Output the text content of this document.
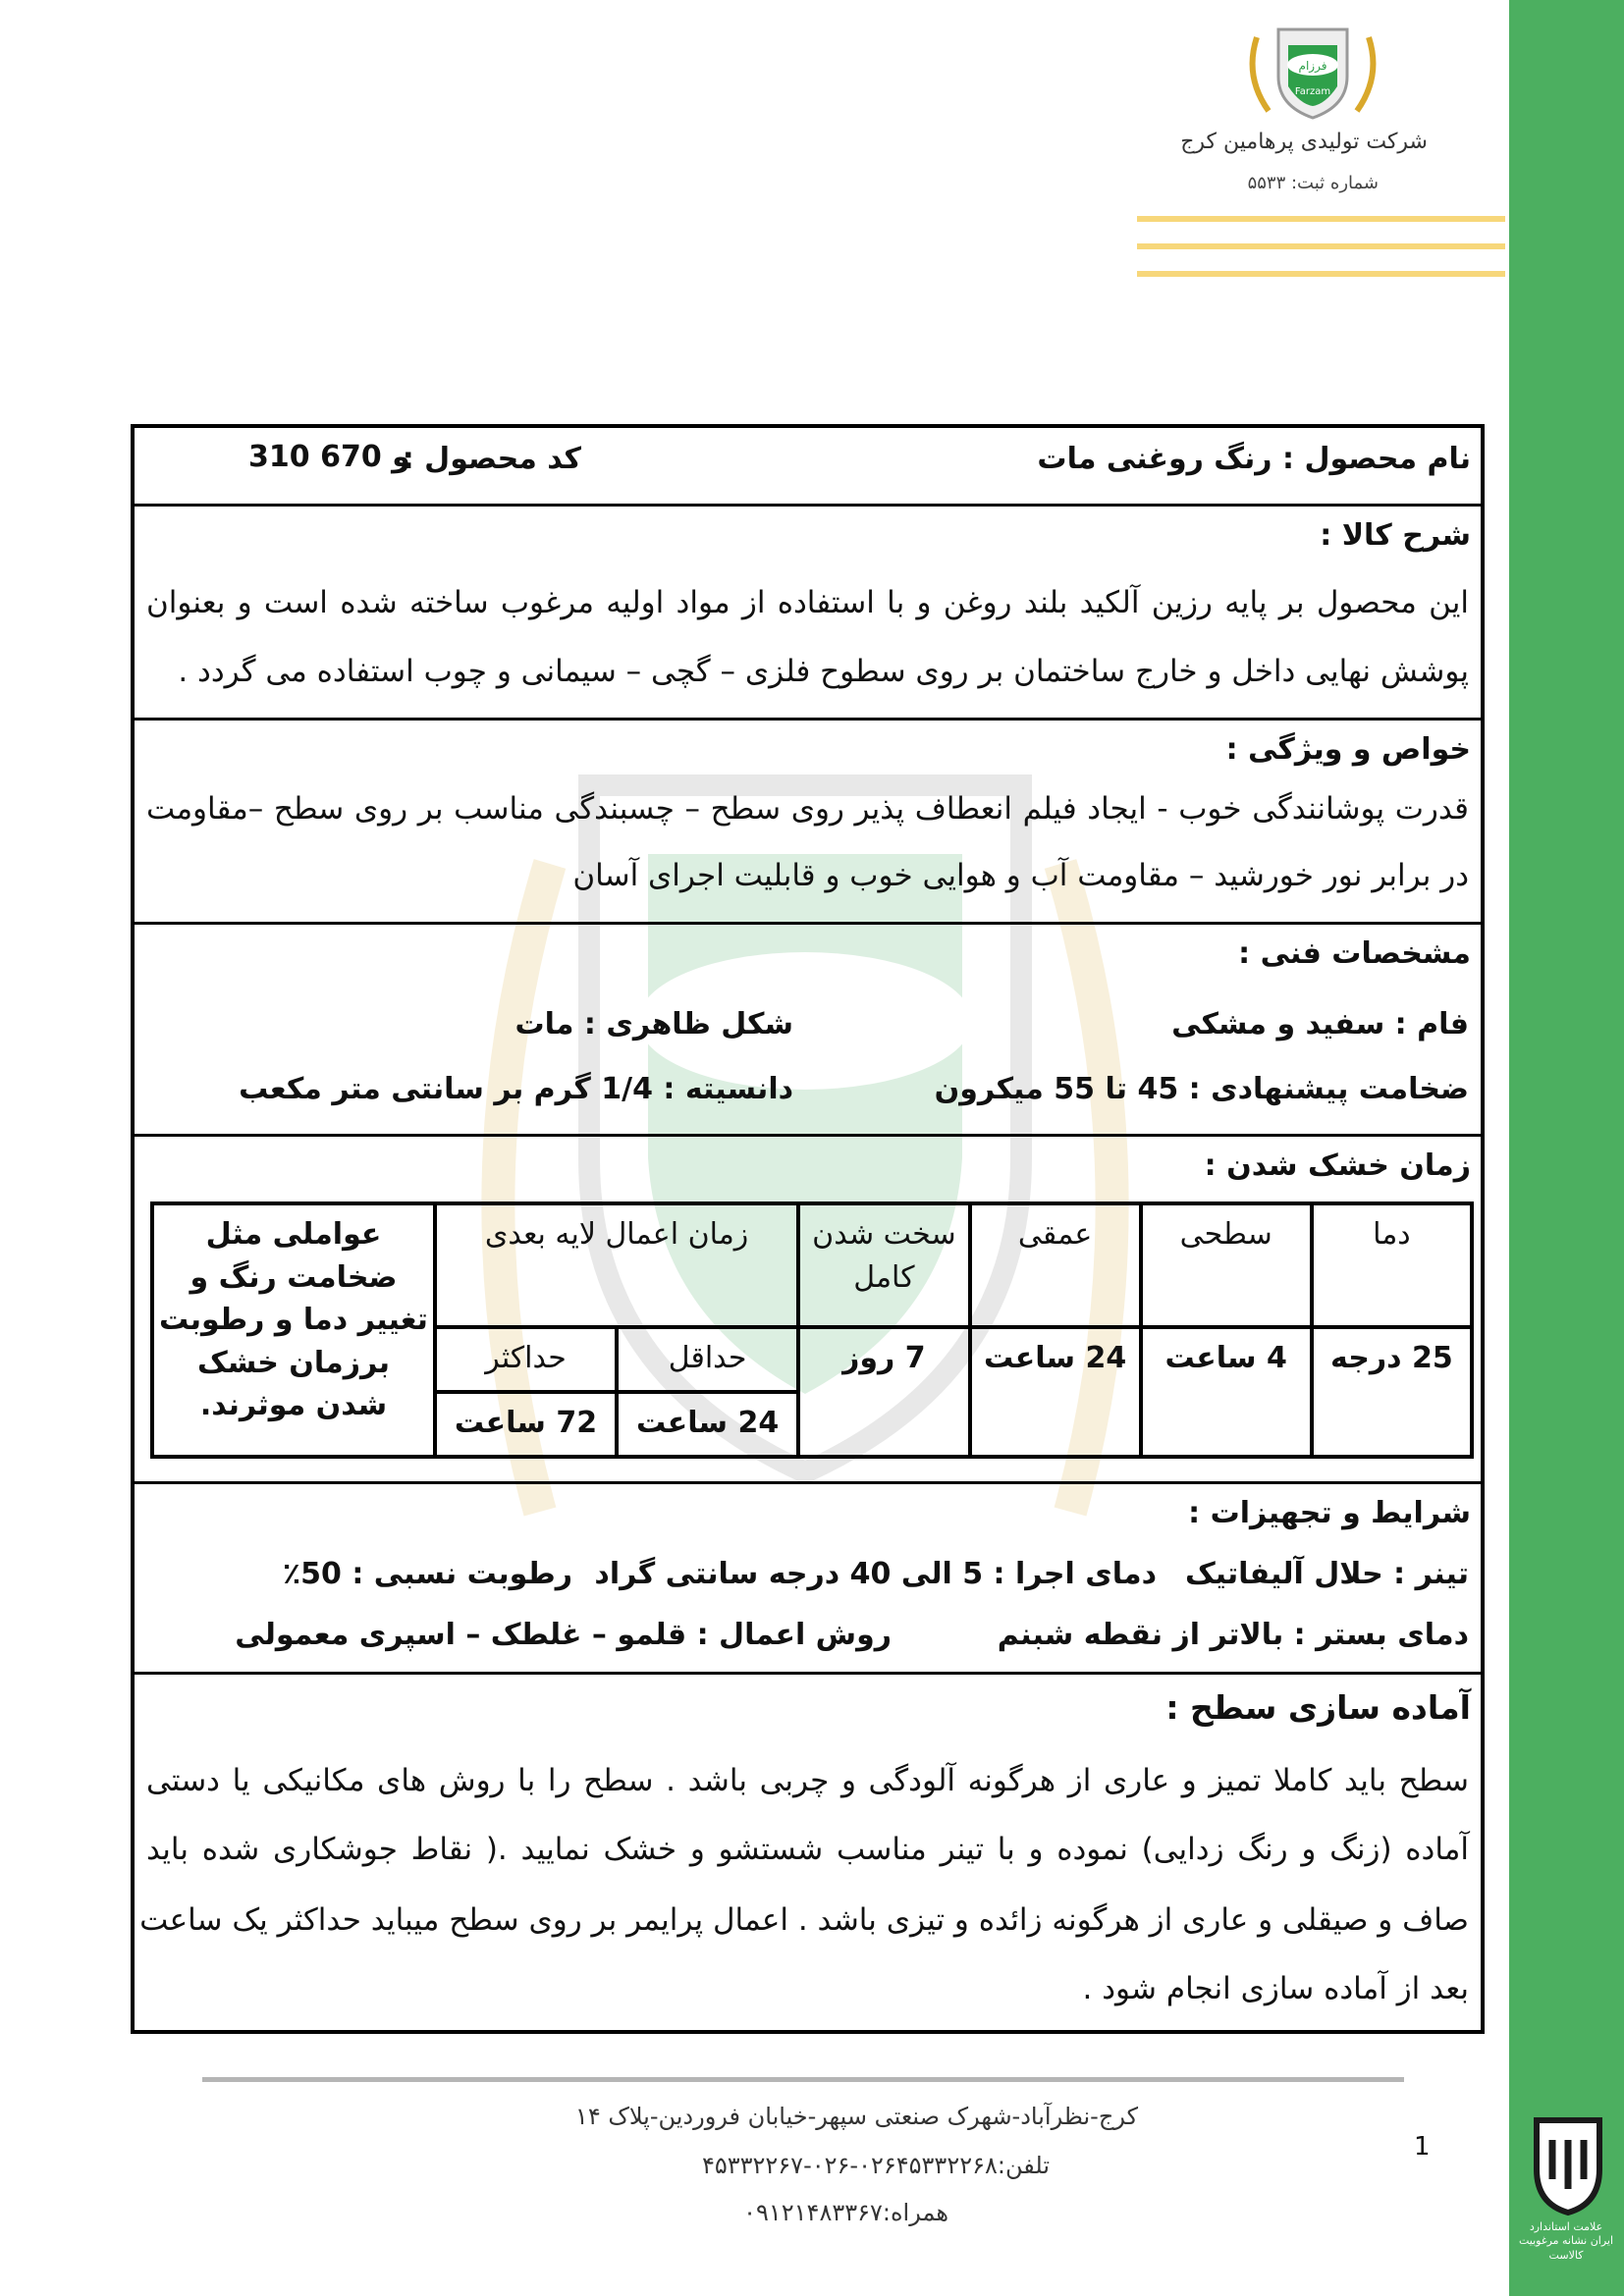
فرزام
Farzam
شرکت تولیدی پرهامین کرج
شماره ثبت: ۵۵۳۳
نام محصول : رنگ روغنی مات
کد محصول :
310 و 670
شرح کالا :
این محصول بر پایه رزین آلکید بلند روغن و با استفاده از مواد اولیه مرغوب ساخته شده است و بعنوان
پوشش نهایی داخل و خارج ساختمان بر روی سطوح فلزی – گچی – سیمانی و چوب استفاده می گردد .
خواص و ویژگی :
قدرت پوشانندگی خوب - ایجاد فیلم انعطاف پذیر روی سطح – چسبندگی مناسب بر روی سطح –مقاومت
در برابر نور خورشید – مقاومت آب و هوایی خوب و قابلیت اجرای آسان
مشخصات فنی :
فام : سفید و مشکی
شکل ظاهری : مات
ضخامت پیشنهادی : 45 تا 55 میکرون
دانسیته : 1/4 گرم بر سانتی متر مکعب
زمان خشک شدن :
دما	سطحی	عمقی	سخت شدن کامل	زمان اعمال لایه بعدی		عواملی مثل ضخامت رنگ و تغییر دما و رطوبت برزمان خشک شدن موثرند.
25 درجه	4 ساعت	24 ساعت	7 روز	حداقل	حداکثر	
				24 ساعت	72 ساعت	
شرایط و تجهیزات :
تینر : حلال آلیفاتیک
دمای اجرا : 5 الی 40 درجه سانتی گراد
رطوبت نسبی : 50٪
دمای بستر : بالاتر از نقطه شبنم
روش اعمال : قلمو – غلطک – اسپری معمولی
آماده سازی سطح :
سطح باید کاملا تمیز و عاری از هرگونه آلودگی و چربی باشد . سطح را با روش های مکانیکی یا دستی
آماده (زنگ و رنگ زدایی) نموده و با تینر مناسب شستشو و خشک نمایید .( نقاط جوشکاری شده باید
صاف و صیقلی و عاری از هرگونه زائده و تیزی باشد . اعمال پرایمر بر روی سطح میباید حداکثر یک ساعت
بعد از آماده سازی انجام شود .
کرج-نظرآباد-شهرک صنعتی سپهر-خیابان فروردین-پلاک ۱۴
تلفن:۰۲۶۴۵۳۳۲۲۶۸-۰۲۶-۴۵۳۳۲۲۶۷
همراه:۰۹۱۲۱۴۸۳۳۶۷
1
علامت استاندارد ایران نشانه مرغوبیت کالاست
